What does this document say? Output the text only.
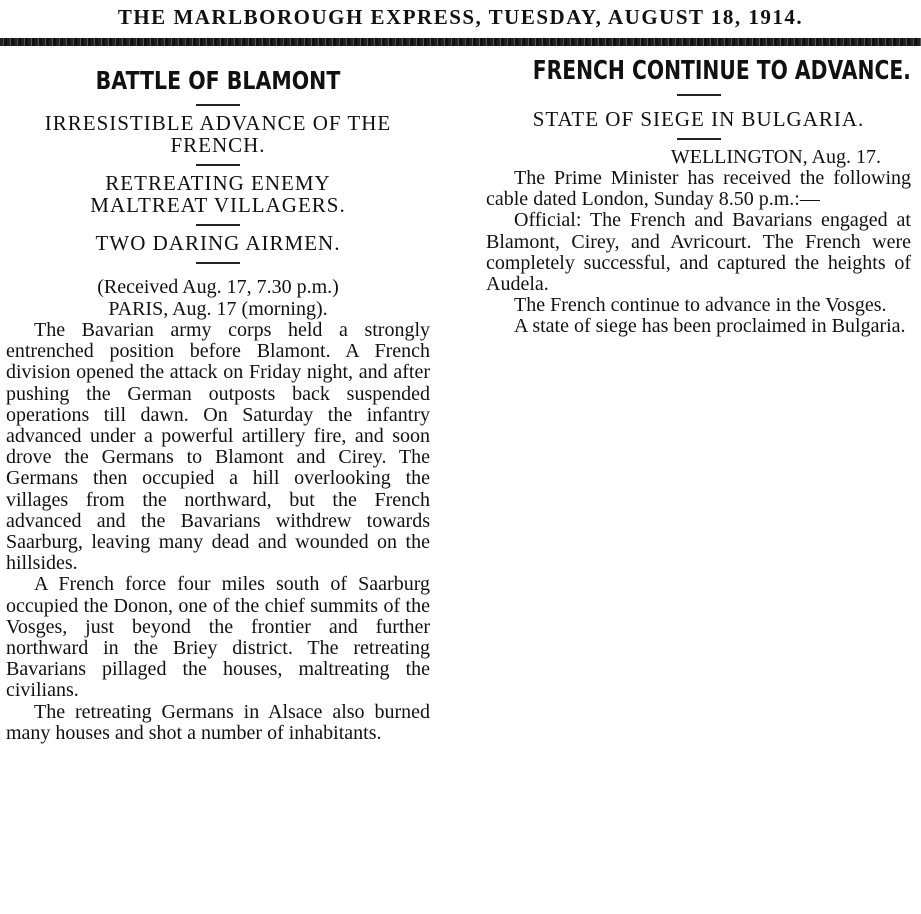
THE MARLBOROUGH EXPRESS, TUESDAY, AUGUST 18, 1914.
BATTLE OF BLAMONT
IRRESISTIBLE ADVANCE OF THE FRENCH.
RETREATING ENEMY MALTREAT VILLAGERS.
TWO DARING AIRMEN.
(Received Aug. 17, 7.30 p.m.)
PARIS, Aug. 17 (morning).

The Bavarian army corps held a strongly entrenched position before Blamont. A French division opened the attack on Friday night, and after pushing the German outposts back suspended operations till dawn. On Saturday the infantry advanced under a powerful artillery fire, and soon drove the Germans to Blamont and Cirey. The Germans then occupied a hill overlooking the villages from the northward, but the French advanced and the Bavarians withdrew towards Saarburg, leaving many dead and wounded on the hillsides.

A French force four miles south of Saarburg occupied the Donon, one of the chief summits of the Vosges, just beyond the frontier and further northward in the Briey district. The retreating Bavarians pillaged the houses, maltreating the civilians.

The retreating Germans in Alsace also burned many houses and shot a number of inhabitants.

FRENCH CONTINUE TO ADVANCE.
STATE OF SIEGE IN BULGARIA.
WELLINGTON, Aug. 17.

The Prime Minister has received the following cable dated London, Sunday 8.50 p.m.:—

Official: The French and Bavarians engaged at Blamont, Cirey, and Avricourt. The French were completely successful, and captured the heights of Audela.

The French continue to advance in the Vosges.

A state of siege has been proclaimed in Bulgaria.
